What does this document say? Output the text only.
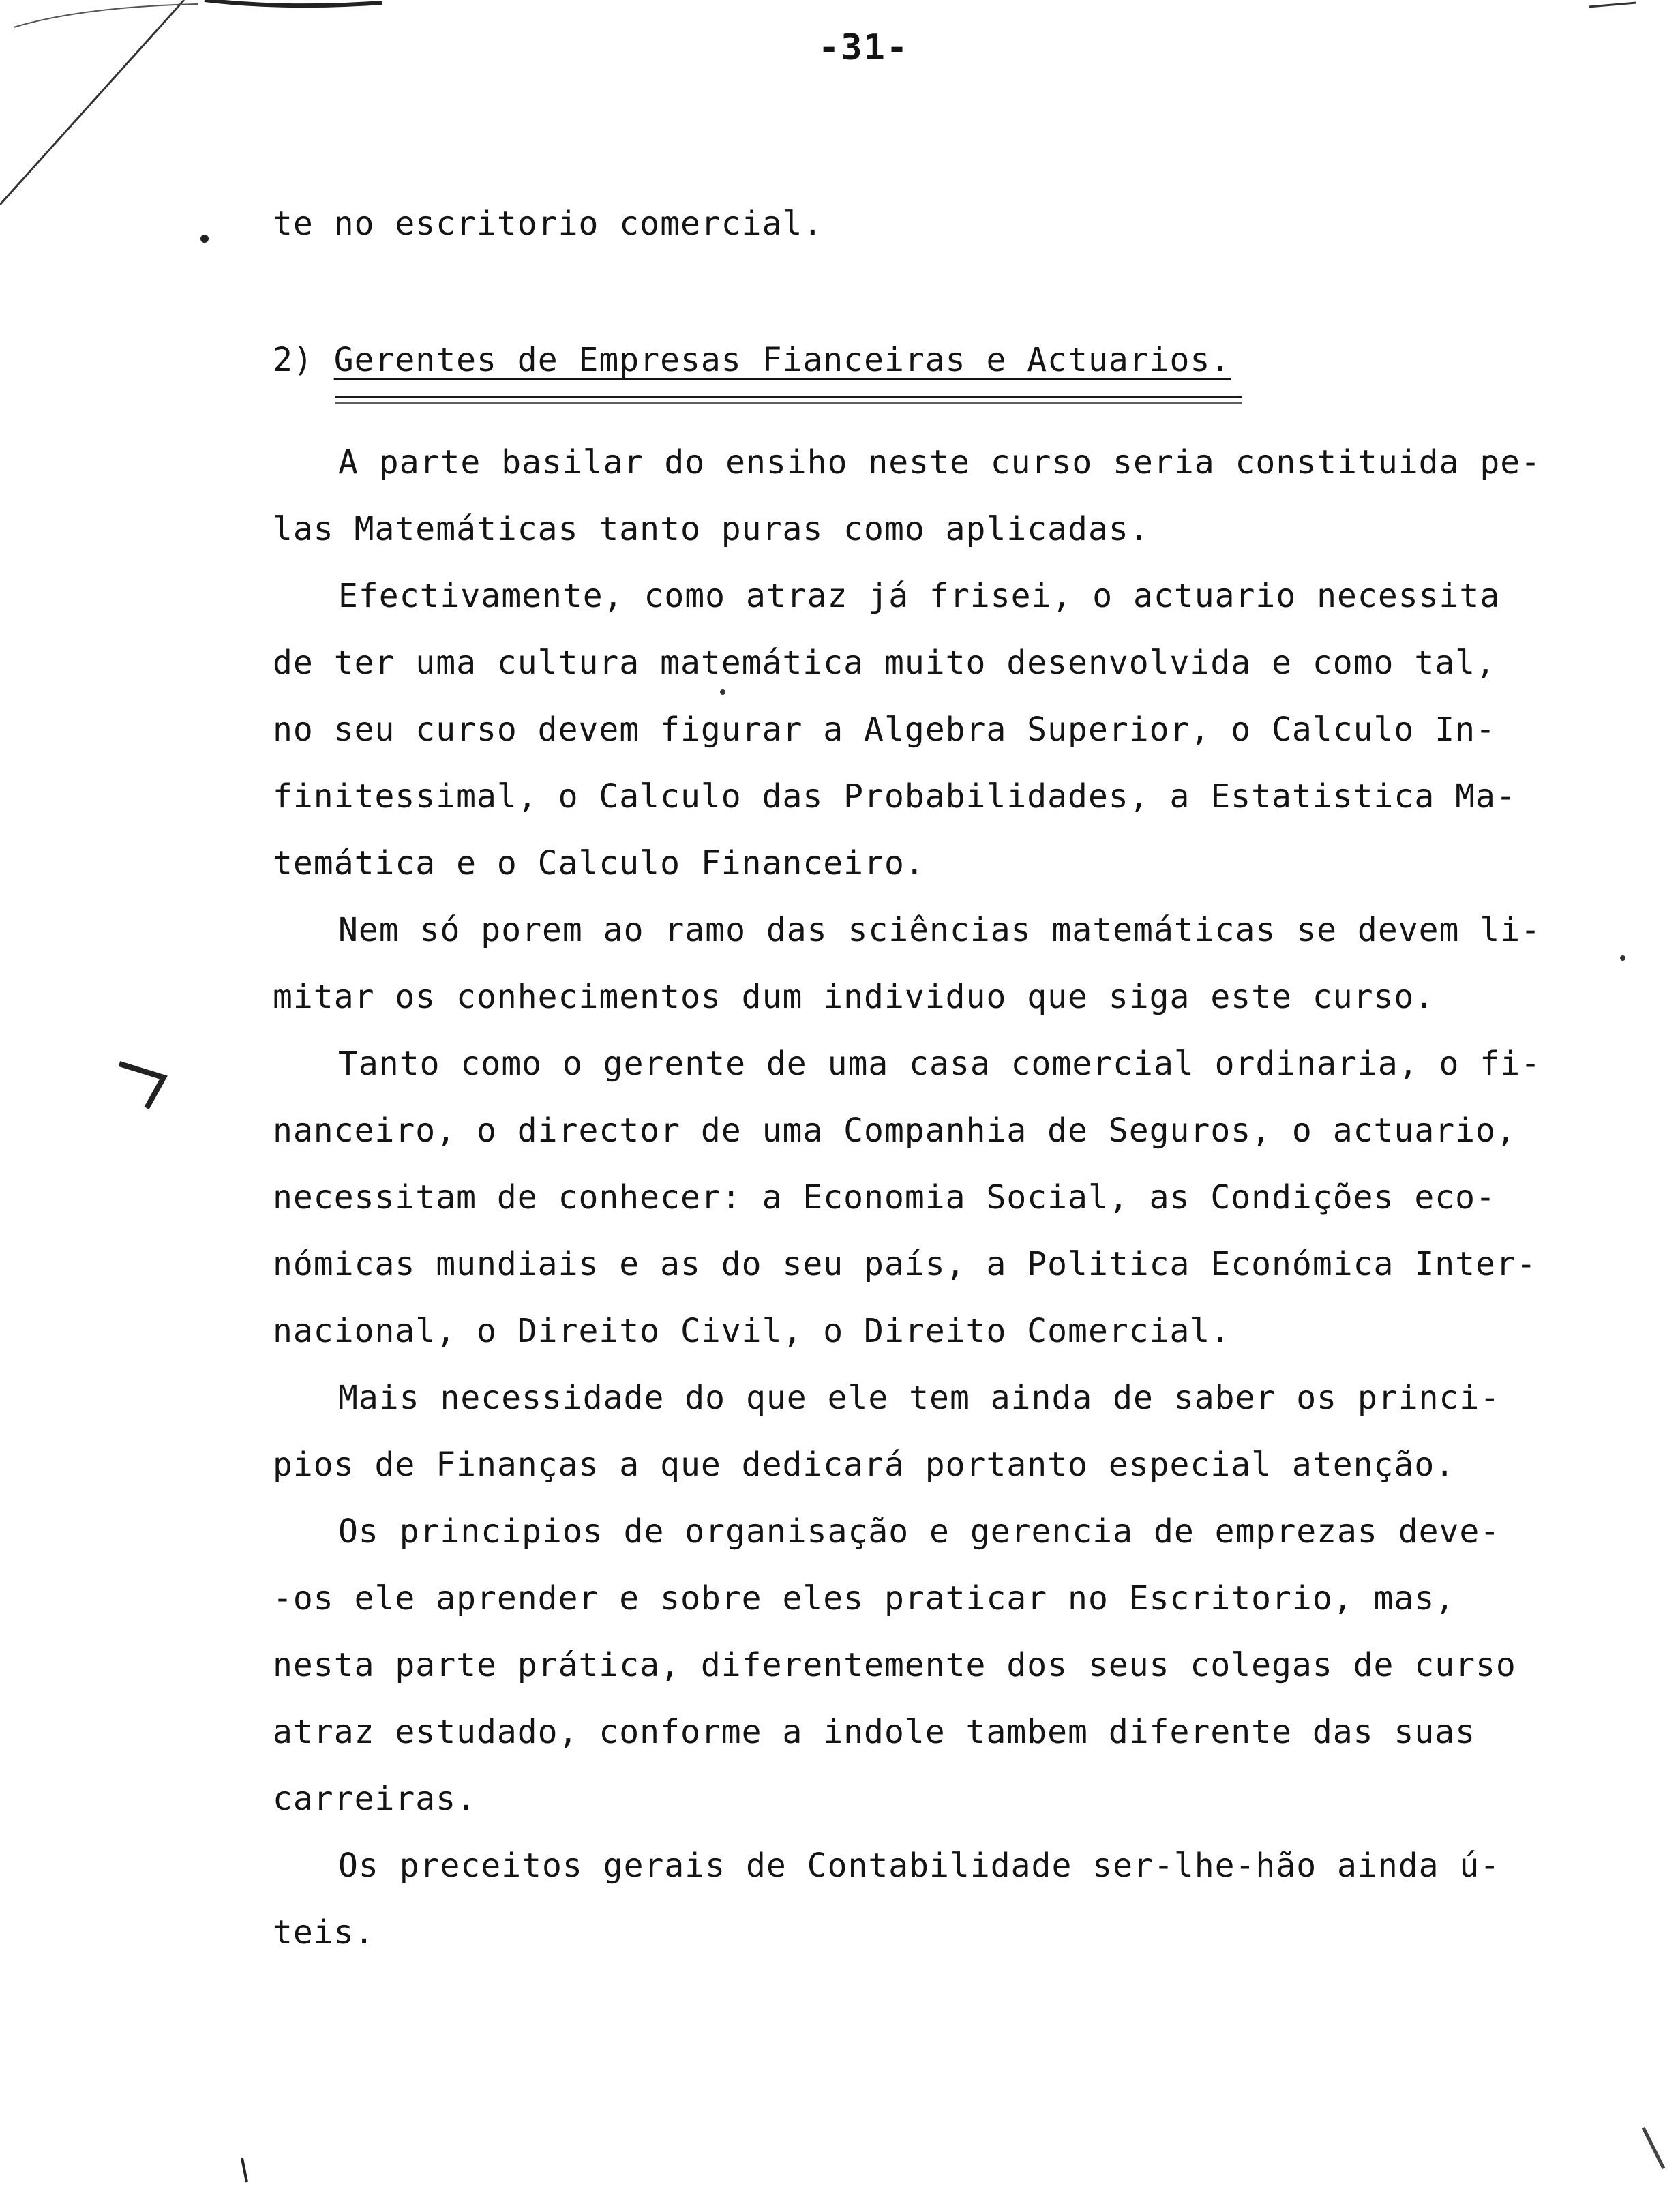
-31-
te no escritorio comercial.
2) Gerentes de Empresas Fianceiras e Actuarios.
A parte basilar do ensiho neste curso seria constituida pe-
las Matemáticas tanto puras como aplicadas.
Efectivamente, como atraz já frisei, o actuario necessita
de ter uma cultura matemática muito desenvolvida e como tal,
no seu curso devem figurar a Algebra Superior, o Calculo In-
finitessimal, o Calculo das Probabilidades, a Estatistica Ma-
temática e o Calculo Financeiro.
Nem só porem ao ramo das sciências matemáticas se devem li-
mitar os conhecimentos dum individuo que siga este curso.
Tanto como o gerente de uma casa comercial ordinaria, o fi-
nanceiro, o director de uma Companhia de Seguros, o actuario,
necessitam de conhecer: a Economia Social, as Condições eco-
nómicas mundiais e as do seu país, a Politica Económica Inter-
nacional, o Direito Civil, o Direito Comercial.
Mais necessidade do que ele tem ainda de saber os princi-
pios de Finanças a que dedicará portanto especial atenção.
Os principios de organisação e gerencia de emprezas deve-
-os ele aprender e sobre eles praticar no Escritorio, mas,
nesta parte prática, diferentemente dos seus colegas de curso
atraz estudado, conforme a indole tambem diferente das suas
carreiras.
Os preceitos gerais de Contabilidade ser-lhe-hão ainda ú-
teis.
